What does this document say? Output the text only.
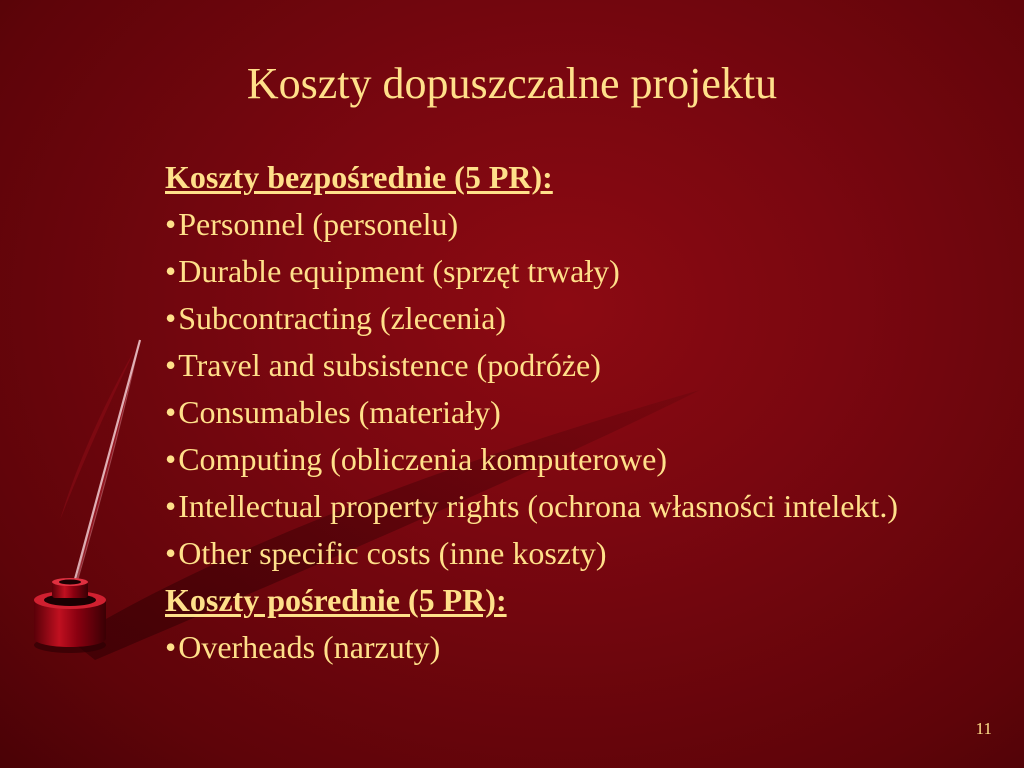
Koszty dopuszczalne projektu
Koszty bezpośrednie (5 PR):
•Personnel (personelu)
•Durable equipment (sprzęt trwały)
•Subcontracting (zlecenia)
•Travel and subsistence (podróże)
•Consumables (materiały)
•Computing (obliczenia komputerowe)
•Intellectual property rights (ochrona własności intelekt.)
•Other specific costs (inne koszty)
Koszty pośrednie (5 PR):
•Overheads (narzuty)
11
